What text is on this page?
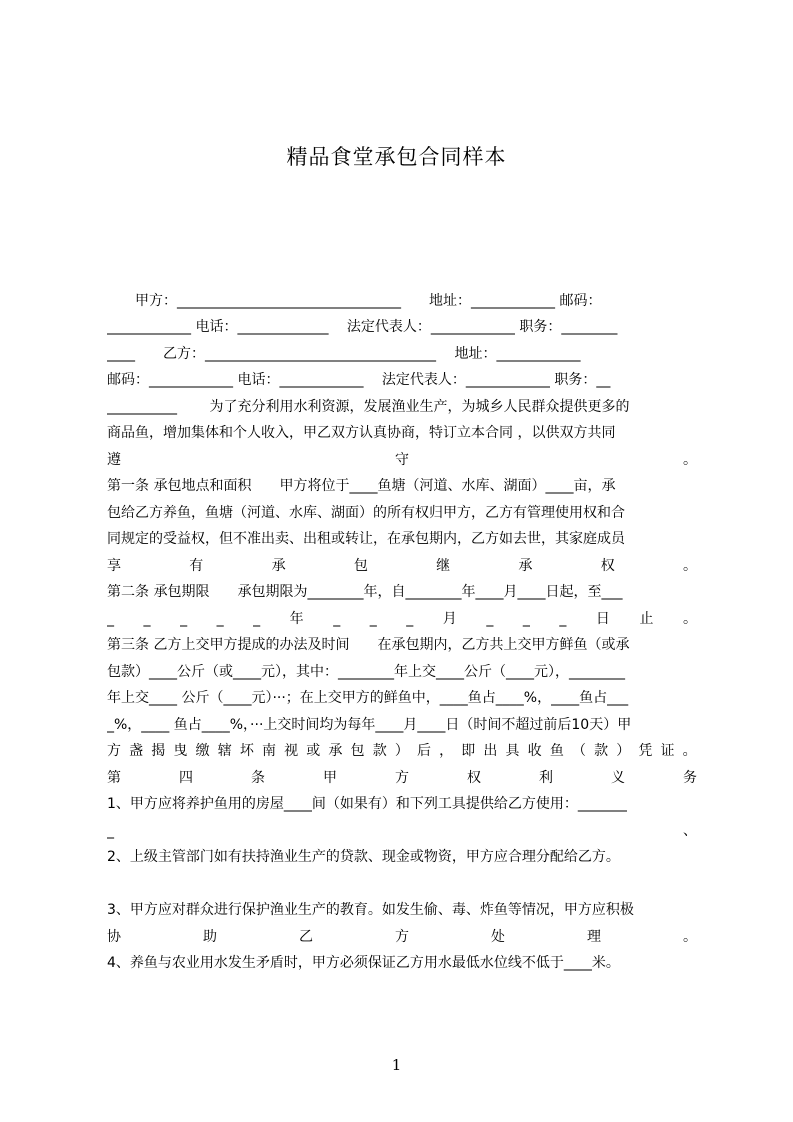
精品食堂承包合同样本
　　甲方：________________________________　　地址：____________ 邮码：
____________ 电话：_____________ 　法定代表人：____________ 职务：________
____　　乙方：_________________________________ 　地址：____________
邮码：____________ 电话：____________ 　法定代表人：____________ 职务：__
__________ 　　为了充分利用水利资源，发展渔业生产，为城乡人民群众提供更多的
商品鱼，增加集体和个人收入，甲乙双方认真协商，特订立本合同 ，以供双方共同
遵	守	。
第一条 承包地点和面积　　甲方将位于____鱼塘（河道、水库、湖面）____亩，承
包给乙方养鱼，鱼塘（河道、水库、湖面）的所有权归甲方，乙方有管理使用权和合
同规定的受益权，但不准出卖、出租或转让，在承包期内，乙方如去世，其家庭成员
享	有	承	包	继	承	权	。
第二条 承包期限　　承包期限为________年，自________年____月____日起，至___
_ _ _ _ _ 年 _ _ _ 月 _ _ _ 日 止 。
第三条 乙方上交甲方提成的办法及时间　　在承包期内，乙方共上交甲方鲜鱼（或承
包款）____公斤（或____元），其中：________年上交____公斤（____元），________
年上交____ 公斤（____元）···；在上交甲方的鲜鱼中，____鱼占____%，____鱼占___
_%，____ 鱼占____%，···上交时间均为每年____月____日（时间不超过前后10天）甲
方 盏 揭 曳 缴 辖 坏 南 视 或 承 包 款 ） 后 ， 即 出 具 收 鱼 （ 款 ） 凭 证 。
第	四	条	甲	方	权	利	义	务
1、甲方应将养护鱼用的房屋____间（如果有）和下列工具提供给乙方使用：_______
_	、
2、上级主管部门如有扶持渔业生产的贷款、现金或物资，甲方应合理分配给乙方。
3、甲方应对群众进行保护渔业生产的教育。如发生偷、毒、炸鱼等情况，甲方应积极
协	助	乙	方	处	理	。
4、养鱼与农业用水发生矛盾时，甲方必须保证乙方用水最低水位线不低于____米。
1
